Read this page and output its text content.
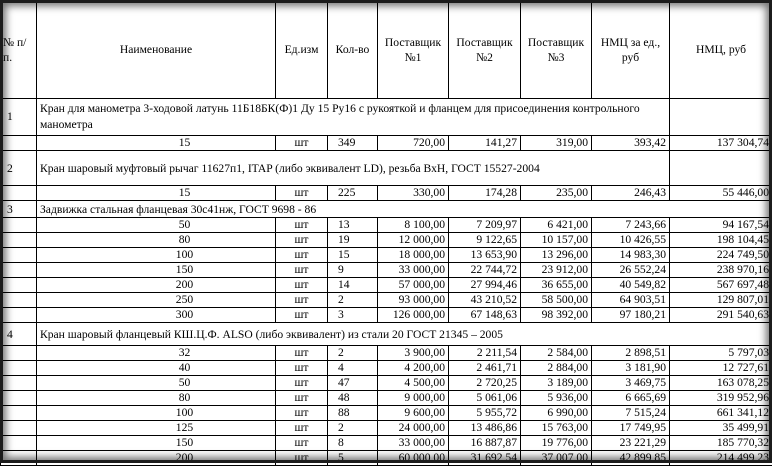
№ п/п.	Наименование	Ед.изм	Кол-во	Поставщик №1	Поставщик №2	Поставщик №3	НМЦ за ед., руб	НМЦ, руб
1	Кран для манометра 3-ходовой латунь 11Б18БК(Ф)1 Ду 15 Ру16 с рукояткой и фланцем для присоединения контрольного манометра							
	15	шт	349	720,00	141,27	319,00	393,42	137 304,74
2	Кран шаровый муфтовый рычаг 11627п1, ITAP (либо эквивалент LD), резьба ВхН, ГОСТ 15527-2004							
	15	шт	225	330,00	174,28	235,00	246,43	55 446,00
3	Задвижка стальная фланцевая 30с41нж, ГОСТ 9698 - 86							
	50	шт	13	8 100,00	7 209,97	6 421,00	7 243,66	94 167,54
	80	шт	19	12 000,00	9 122,65	10 157,00	10 426,55	198 104,45
	100	шт	15	18 000,00	13 653,90	13 296,00	14 983,30	224 749,50
	150	шт	9	33 000,00	22 744,72	23 912,00	26 552,24	238 970,16
	200	шт	14	57 000,00	27 994,46	36 655,00	40 549,82	567 697,48
	250	шт	2	93 000,00	43 210,52	58 500,00	64 903,51	129 807,01
	300	шт	3	126 000,00	67 148,63	98 392,00	97 180,21	291 540,63
4	Кран шаровый фланцевый КШ.Ц.Ф. ALSO (либо эквивалент) из стали 20 ГОСТ 21345 – 2005							
	32	шт	2	3 900,00	2 211,54	2 584,00	2 898,51	5 797,03
	40	шт	4	4 200,00	2 461,71	2 884,00	3 181,90	12 727,61
	50	шт	47	4 500,00	2 720,25	3 189,00	3 469,75	163 078,25
	80	шт	48	9 000,00	5 061,06	5 936,00	6 665,69	319 952,96
	100	шт	88	9 600,00	5 955,72	6 990,00	7 515,24	661 341,12
	125	шт	2	24 000,00	13 486,86	15 763,00	17 749,95	35 499,91
	150	шт	8	33 000,00	16 887,87	19 776,00	23 221,29	185 770,32
	200	шт	5	60 000,00	31 692,54	37 007,00	42 899,85	214 499,23
